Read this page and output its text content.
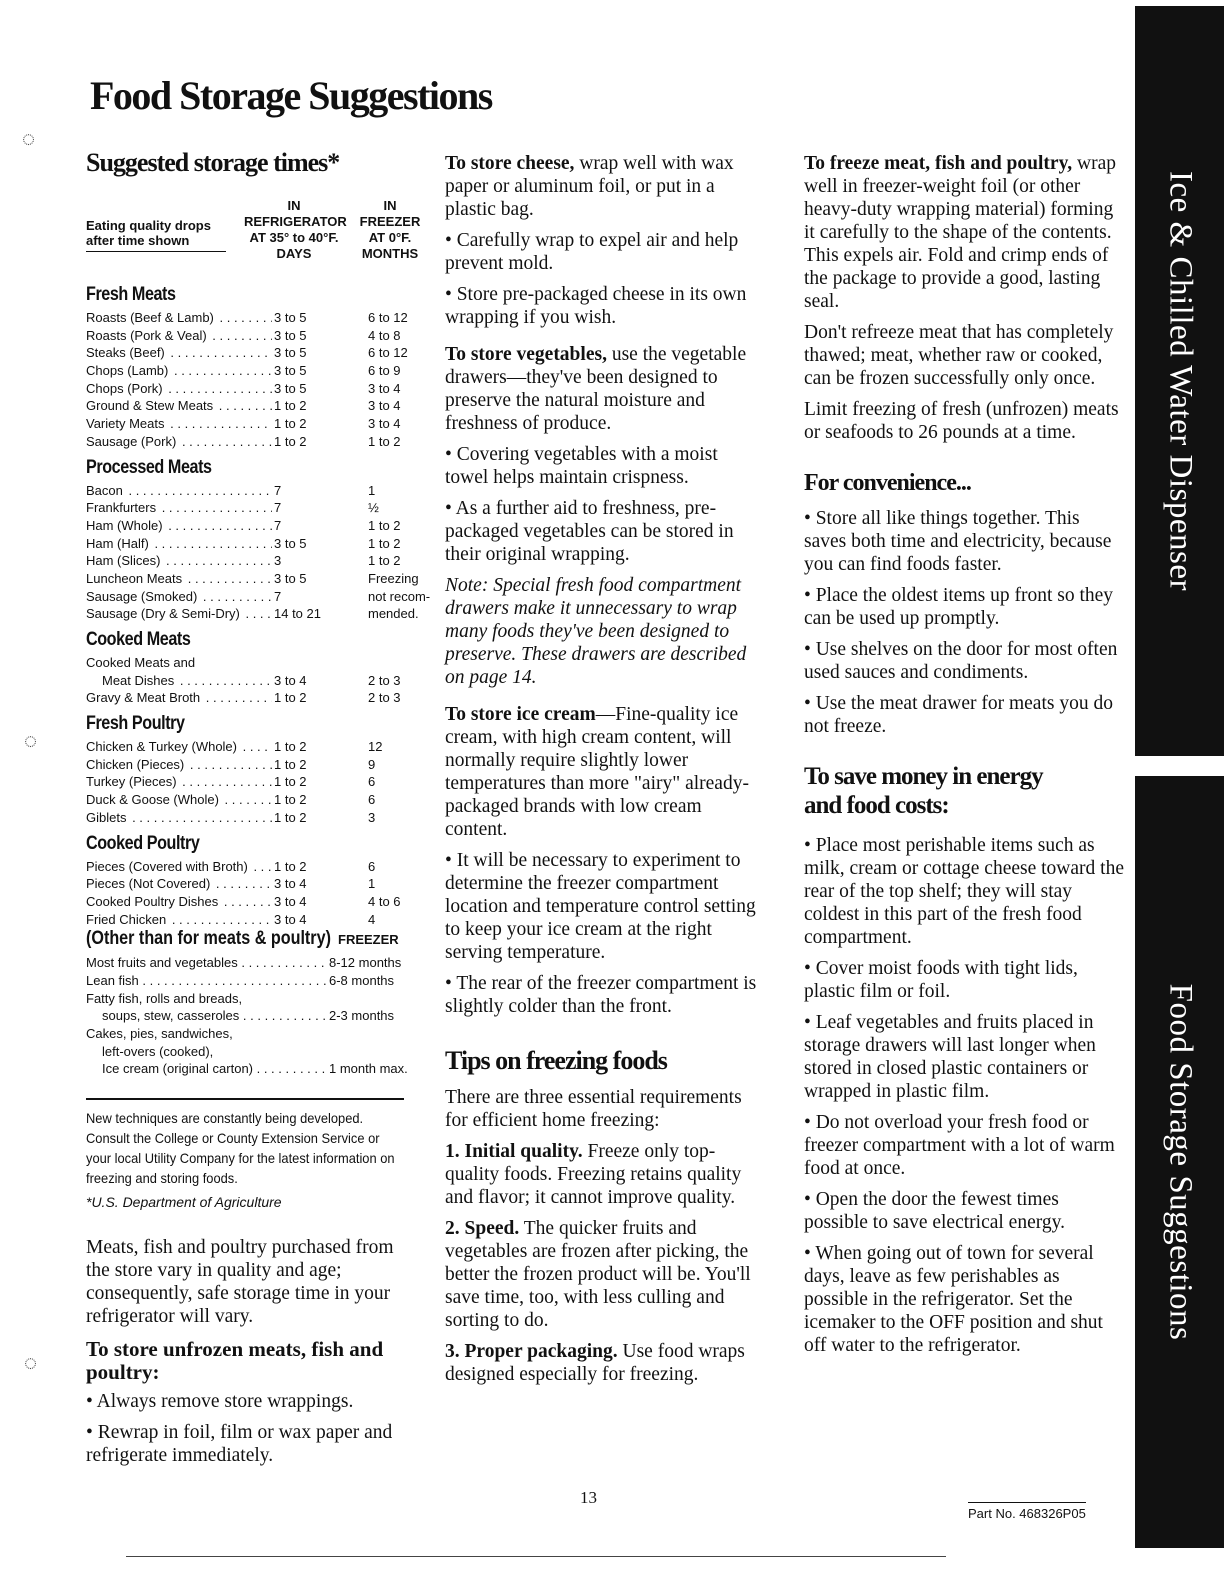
Food Storage Suggestions
◌
◌
◌
Suggested storage times*
Eating quality drops after time shown
IN REFRIGERATOR AT 35° to 40°F. DAYS
IN FREEZER AT 0°F. MONTHS
Fresh Meats
Roasts (Beef & Lamb) . . .	3 to 5	6 to 12
Roasts (Pork & Veal) . . .	3 to 5	4 to 8
Steaks (Beef) . . .	3 to 5	6 to 12
Chops (Lamb) . . .	3 to 5	6 to 9
Chops (Pork) . . .	3 to 5	3 to 4
Ground & Stew Meats . . .	1 to 2	3 to 4
Variety Meats . . .	1 to 2	3 to 4
Sausage (Pork) . . .	1 to 2	1 to 2
Processed Meats
Bacon . . .	7	1
Frankfurters . . .	7	½
Ham (Whole) . . .	7	1 to 2
Ham (Half) . . .	3 to 5	1 to 2
Ham (Slices) . . .	3	1 to 2
Luncheon Meats . . .	3 to 5	Freezing
Sausage (Smoked) . . .	7	not recom-
Sausage (Dry & Semi-Dry) . . .	14 to 21	mended.
Cooked Meats
Cooked Meats and
Meat Dishes . . .	3 to 4	2 to 3
Gravy & Meat Broth . . .	1 to 2	2 to 3
Fresh Poultry
Chicken & Turkey (Whole) . . .	1 to 2	12
Chicken (Pieces) . . .	1 to 2	9
Turkey (Pieces) . . .	1 to 2	6
Duck & Goose (Whole) . . .	1 to 2	6
Giblets . . .	1 to 2	3
Cooked Poultry
Pieces (Covered with Broth) . . .	1 to 2	6
Pieces (Not Covered) . . .	3 to 4	1
Cooked Poultry Dishes . . .	3 to 4	4 to 6
Fried Chicken . . .	3 to 4	4
(Other than for meats & poultry) FREEZER
Most fruits and vegetables . . .	8-12 months
Lean fish . . .	6-8 months
Fatty fish, rolls and breads,
soups, stew, casseroles . . .	2-3 months
Cakes, pies, sandwiches,
left-overs (cooked),
Ice cream (original carton) . . .	1 month max.
New techniques are constantly being developed. Consult the College or County Extension Service or your local Utility Company for the latest information on freezing and storing foods.
*U.S. Department of Agriculture

Meats, fish and poultry purchased from the store vary in quality and age; consequently, safe storage time in your refrigerator will vary.

To store unfrozen meats, fish and poultry:
• Always remove store wrappings.
• Rewrap in foil, film or wax paper and refrigerate immediately.

To store cheese, wrap well with wax paper or aluminum foil, or put in a plastic bag.

• Carefully wrap to expel air and help prevent mold.
• Store pre-packaged cheese in its own wrapping if you wish.

To store vegetables, use the vegetable drawers—they've been designed to preserve the natural moisture and freshness of produce.

• Covering vegetables with a moist towel helps maintain crispness.
• As a further aid to freshness, pre-packaged vegetables can be stored in their original wrapping.

Note: Special fresh food compartment drawers make it unnecessary to wrap many foods they've been designed to preserve. These drawers are described on page 14.

To store ice cream—Fine-quality ice cream, with high cream content, will normally require slightly lower temperatures than more "airy" already-packaged brands with low cream content.

• It will be necessary to experiment to determine the freezer compartment location and temperature control setting to keep your ice cream at the right serving temperature.
• The rear of the freezer compartment is slightly colder than the front.
Tips on freezing foods

There are three essential requirements for efficient home freezing:

1. Initial quality. Freeze only top-quality foods. Freezing retains quality and flavor; it cannot improve quality.

2. Speed. The quicker fruits and vegetables are frozen after picking, the better the frozen product will be. You'll save time, too, with less culling and sorting to do.

3. Proper packaging. Use food wraps designed especially for freezing.

To freeze meat, fish and poultry, wrap well in freezer-weight foil (or other heavy-duty wrapping material) forming it carefully to the shape of the contents. This expels air. Fold and crimp ends of the package to provide a good, lasting seal.

Don't refreeze meat that has completely thawed; meat, whether raw or cooked, can be frozen successfully only once.

Limit freezing of fresh (unfrozen) meats or seafoods to 26 pounds at a time.

For convenience...
• Store all like things together. This saves both time and electricity, because you can find foods faster.
• Place the oldest items up front so they can be used up promptly.
• Use shelves on the door for most often used sauces and condiments.
• Use the meat drawer for meats you do not freeze.
To save money in energy and food costs:
• Place most perishable items such as milk, cream or cottage cheese toward the rear of the top shelf; they will stay coldest in this part of the fresh food compartment.
• Cover moist foods with tight lids, plastic film or foil.
• Leaf vegetables and fruits placed in storage drawers will last longer when stored in closed plastic containers or wrapped in plastic film.
• Do not overload your fresh food or freezer compartment with a lot of warm food at once.
• Open the door the fewest times possible to save electrical energy.
• When going out of town for several days, leave as few perishables as possible in the refrigerator. Set the icemaker to the OFF position and shut off water to the refrigerator.
Ice & Chilled Water Dispenser
Food Storage Suggestions
13
Part No. 468326P05
